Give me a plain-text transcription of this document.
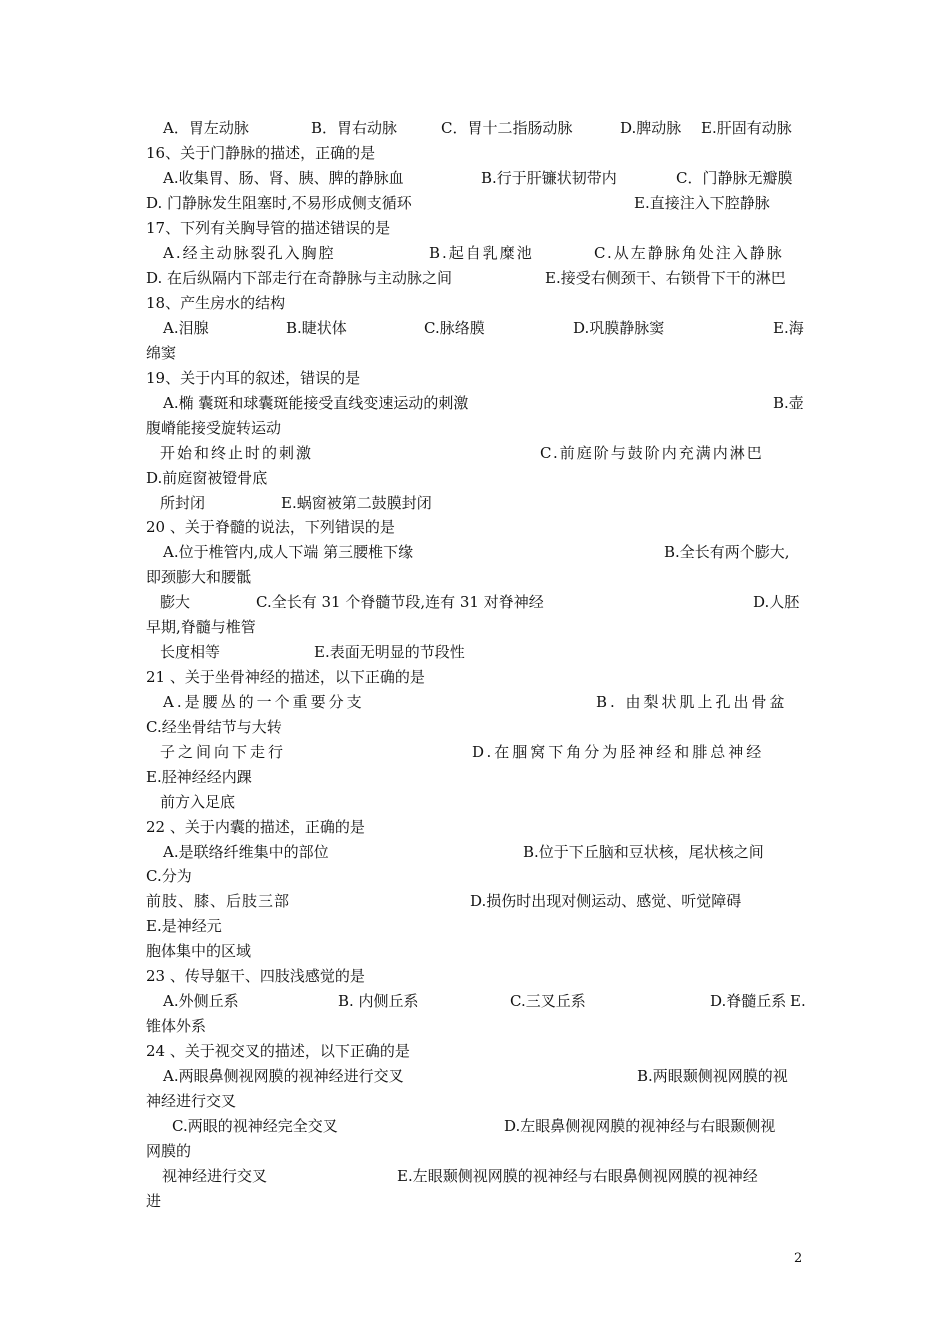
A．胃左动脉	B．胃右动脉	C．胃十二指肠动脉	D.脾动脉 E.肝固有动脉
16、关于门静脉的描述，正确的是
A.收集胃、肠、肾、胰、脾的静脉血	B.行于肝镰状韧带内	C．门静脉无瓣膜
D. 门静脉发生阻塞时,不易形成侧支循环	E.直接注入下腔静脉
17、下列有关胸导管的描述错误的是
A.经主动脉裂孔入胸腔	B.起自乳糜池	C.从左静脉角处注入静脉
D. 在后纵隔内下部走行在奇静脉与主动脉之间	E.接受右侧颈干、右锁骨下干的淋巴
18、产生房水的结构
A.泪腺	B.睫状体	C.脉络膜	D.巩膜静脉窦	E.海
绵窦
19、关于内耳的叙述，错误的是
A.椭 囊斑和球囊斑能接受直线变速运动的刺激	B.壶
腹嵴能接受旋转运动
开始和终止时的刺激	C.前庭阶与鼓阶内充满内淋巴
D.前庭窗被镫骨底
所封闭	E.蜗窗被第二鼓膜封闭
20 、关于脊髓的说法，下列错误的是
A.位于椎管内,成人下端 第三腰椎下缘	B.全长有两个膨大,
即颈膨大和腰骶
膨大	C.全长有 31 个脊髓节段,连有 31 对脊神经	D.人胚
早期,脊髓与椎管
长度相等	E.表面无明显的节段性
21 、关于坐骨神经的描述，以下正确的是
A.是腰丛的一个重要分支	B. 由梨状肌上孔出骨盆
C.经坐骨结节与大转
子之间向下走行	D.在腘窝下角分为胫神经和腓总神经
E.胫神经经内踝
前方入足底
22 、关于内囊的描述，正确的是
A.是联络纤维集中的部位	B.位于下丘脑和豆状核，尾状核之间
C.分为
前肢、膝、后肢三部	D.损伤时出现对侧运动、感觉、听觉障碍
E.是神经元
胞体集中的区域
23 、传导躯干、四肢浅感觉的是
A.外侧丘系	B. 内侧丘系	C.三叉丘系	D.脊髓丘系 E.
锥体外系
24 、关于视交叉的描述，以下正确的是
A.两眼鼻侧视网膜的视神经进行交叉	B.两眼颞侧视网膜的视
神经进行交叉
C.两眼的视神经完全交叉	D.左眼鼻侧视网膜的视神经与右眼颞侧视
网膜的
视神经进行交叉	E.左眼颞侧视网膜的视神经与右眼鼻侧视网膜的视神经
进
2
